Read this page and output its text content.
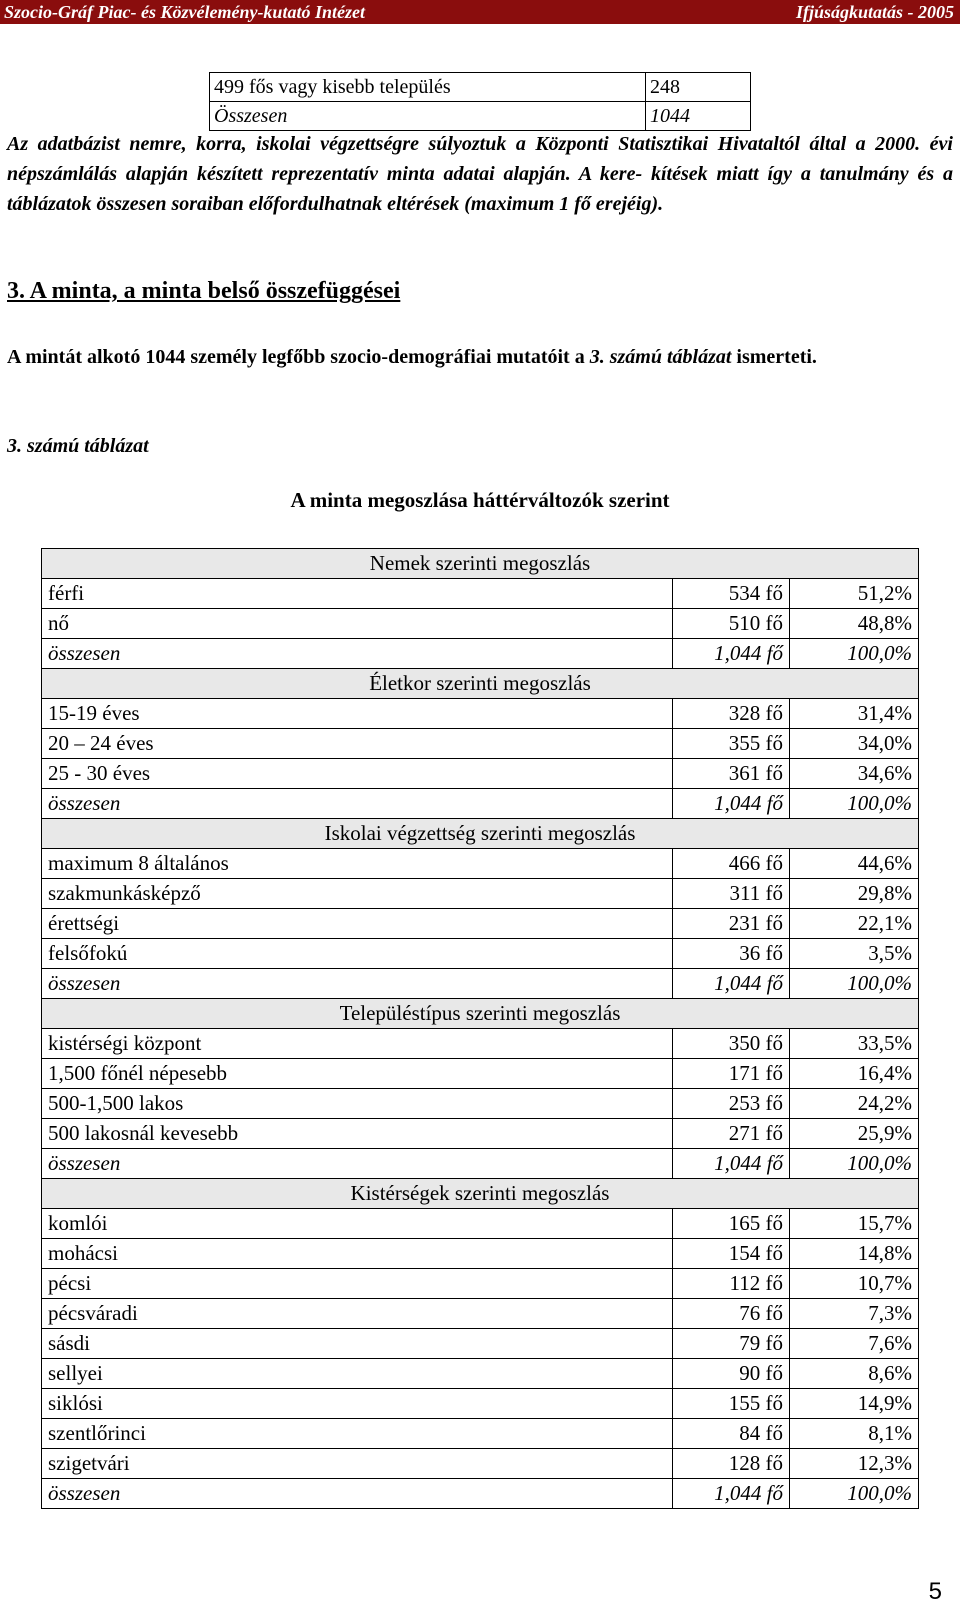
Szocio-Gráf Piac- és Közvélemény-kutató Intézet	Ifjúságkutatás - 2005
499 fős vagy kisebb település	248
Összesen	1044

Az adatbázist nemre, korra, iskolai végzettségre súlyoztuk a Központi Statisztikai Hivataltól által a 2000. évi népszámlálás alapján készített reprezentatív minta adatai alapján. A kere- kítések miatt így a tanulmány és a táblázatok összesen soraiban előfordulhatnak eltérések (maximum 1 fő erejéig).

3. A minta, a minta belső összefüggései

A mintát alkotó 1044 személy legfőbb szocio-demográfiai mutatóit a 3. számú táblázat ismerteti.

3. számú táblázat

A minta megoszlása háttérváltozók szerint

Nemek szerinti megoszlás		
férfi	534 fő	51,2%
nő	510 fő	48,8%
összesen	1,044 fő	100,0%
Életkor szerinti megoszlás		
15-19 éves	328 fő	31,4%
20 – 24 éves	355 fő	34,0%
25 - 30 éves	361 fő	34,6%
összesen	1,044 fő	100,0%
Iskolai végzettség szerinti megoszlás		
maximum 8 általános	466 fő	44,6%
szakmunkásképző	311 fő	29,8%
érettségi	231 fő	22,1%
felsőfokú	36 fő	3,5%
összesen	1,044 fő	100,0%
Településtípus szerinti megoszlás		
kistérségi központ	350 fő	33,5%
1,500 főnél népesebb	171 fő	16,4%
500-1,500 lakos	253 fő	24,2%
500 lakosnál kevesebb	271 fő	25,9%
összesen	1,044 fő	100,0%
Kistérségek szerinti megoszlás		
komlói	165 fő	15,7%
mohácsi	154 fő	14,8%
pécsi	112 fő	10,7%
pécsváradi	76 fő	7,3%
sásdi	79 fő	7,6%
sellyei	90 fő	8,6%
siklósi	155 fő	14,9%
szentlőrinci	84 fő	8,1%
szigetvári	128 fő	12,3%
összesen	1,044 fő	100,0%
5
